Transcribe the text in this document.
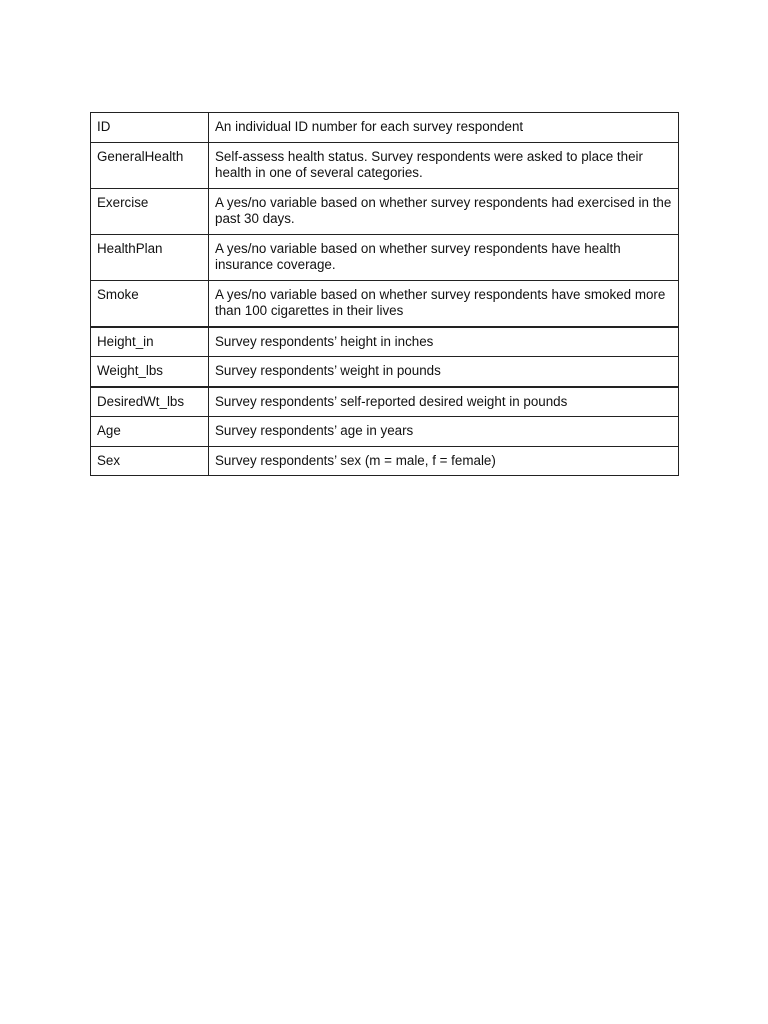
ID	An individual ID number for each survey respondent
GeneralHealth	Self-assess health status. Survey respondents were asked to place their health in one of several categories.
Exercise	A yes/no variable based on whether survey respondents had exercised in the past 30 days.
HealthPlan	A yes/no variable based on whether survey respondents have health insurance coverage.
Smoke	A yes/no variable based on whether survey respondents have smoked more than 100 cigarettes in their lives
Height_in	Survey respondents’ height in inches
Weight_lbs	Survey respondents’ weight in pounds
DesiredWt_lbs	Survey respondents’ self-reported desired weight in pounds
Age	Survey respondents’ age in years
Sex	Survey respondents’ sex (m = male, f = female)
